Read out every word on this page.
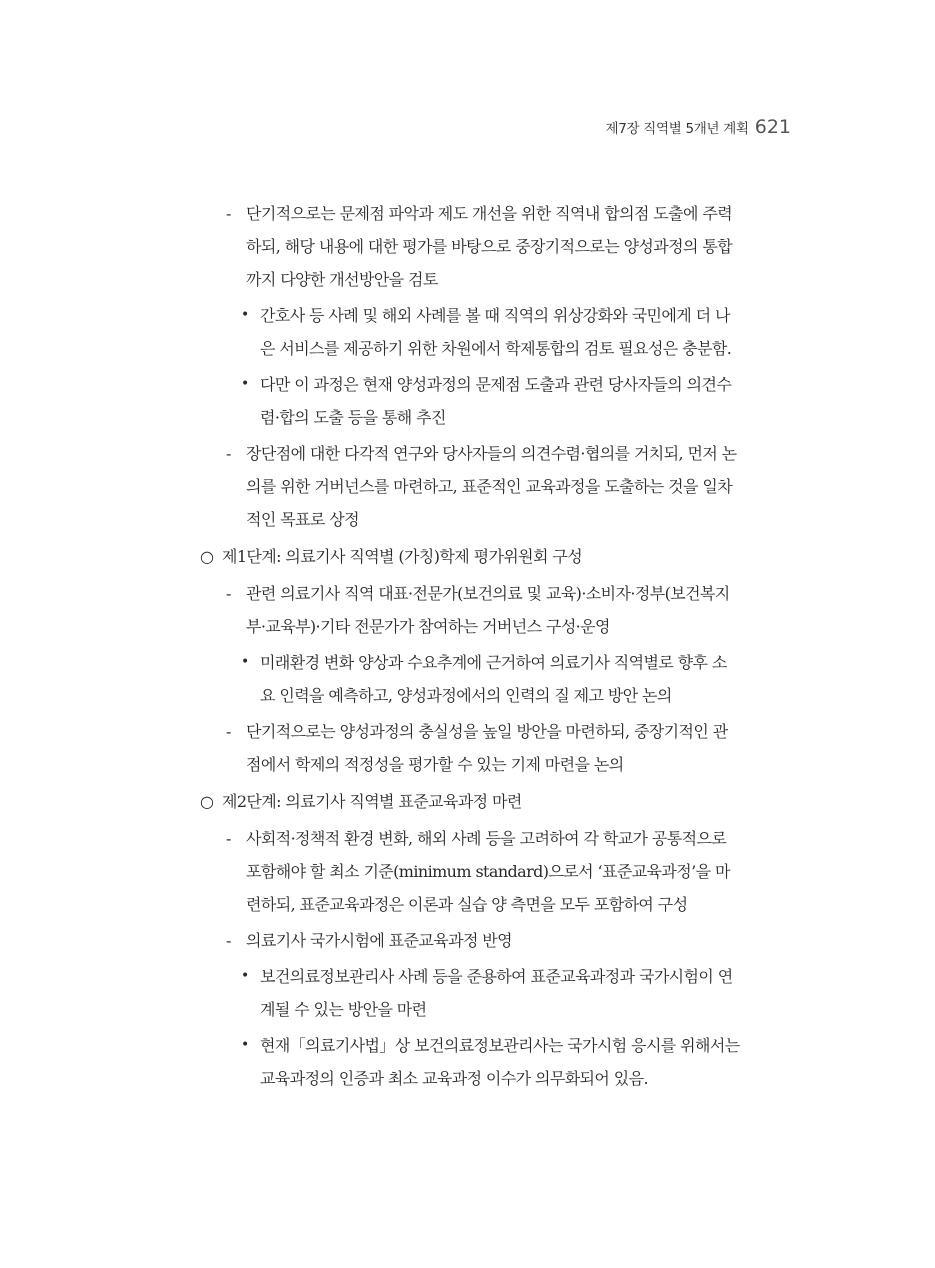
제7장 직역별 5개년 계획 621
- 단기적으로는 문제점 파악과 제도 개선을 위한 직역내 합의점 도출에 주력
하되, 해당 내용에 대한 평가를 바탕으로 중장기적으로는 양성과정의 통합
까지 다양한 개선방안을 검토
• 간호사 등 사례 및 해외 사례를 볼 때 직역의 위상강화와 국민에게 더 나
은 서비스를 제공하기 위한 차원에서 학제통합의 검토 필요성은 충분함.
• 다만 이 과정은 현재 양성과정의 문제점 도출과 관련 당사자들의 의견수
렴·합의 도출 등을 통해 추진
- 장단점에 대한 다각적 연구와 당사자들의 의견수렴·협의를 거치되, 먼저 논
의를 위한 거버넌스를 마련하고, 표준적인 교육과정을 도출하는 것을 일차
적인 목표로 상정
○ 제1단계: 의료기사 직역별 (가칭)학제 평가위원회 구성
- 관련 의료기사 직역 대표·전문가(보건의료 및 교육)·소비자·정부(보건복지
부·교육부)·기타 전문가가 참여하는 거버넌스 구성·운영
• 미래환경 변화 양상과 수요추계에 근거하여 의료기사 직역별로 향후 소
요 인력을 예측하고, 양성과정에서의 인력의 질 제고 방안 논의
- 단기적으로는 양성과정의 충실성을 높일 방안을 마련하되, 중장기적인 관
점에서 학제의 적정성을 평가할 수 있는 기제 마련을 논의
○ 제2단계: 의료기사 직역별 표준교육과정 마련
- 사회적·정책적 환경 변화, 해외 사례 등을 고려하여 각 학교가 공통적으로
포함해야 할 최소 기준(minimum standard)으로서 ‘표준교육과정’을 마
련하되, 표준교육과정은 이론과 실습 양 측면을 모두 포함하여 구성
- 의료기사 국가시험에 표준교육과정 반영
• 보건의료정보관리사 사례 등을 준용하여 표준교육과정과 국가시험이 연
계될 수 있는 방안을 마련
• 현재「의료기사법」상 보건의료정보관리사는 국가시험 응시를 위해서는
교육과정의 인증과 최소 교육과정 이수가 의무화되어 있음.
